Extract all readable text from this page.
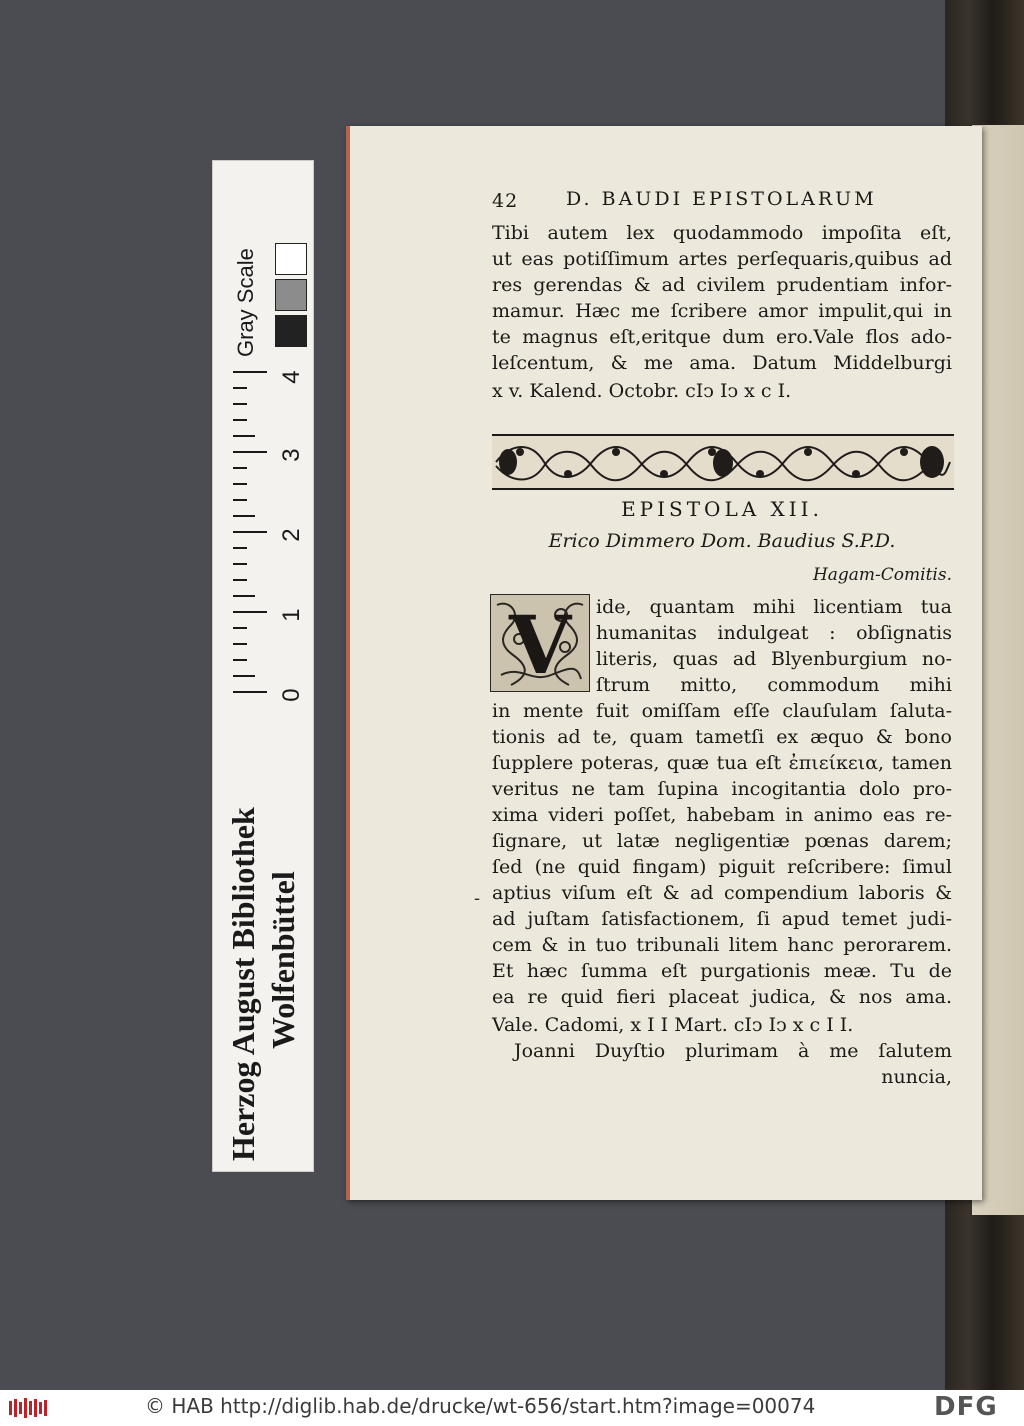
42	D. BAUDI EPISTOLARUM
Tibi autem lex quodammodo impoſita eſt,
ut eas potiſſimum artes perſequaris,quibus ad
res gerendas & ad civilem prudentiam infor-
mamur. Hæc me ſcribere amor impulit,qui in
te magnus eſt,eritque dum ero.Vale flos ado-
leſcentum, & me ama. Datum Middelburgi
x v. Kalend. Octobr. cIↄ Iↄ x c I.
EPISTOLA XII.
Erico Dimmero Dom. Baudius S.P.D.
Hagam-Comitis.
V ide, quantam mihi licentiam tua
humanitas indulgeat : obſignatis
literis, quas ad Blyenburgium no-
ſtrum mitto, commodum mihi
in mente fuit omiſſam eſſe clauſulam ſaluta-
tionis ad te, quam tametſi ex æquo & bono
ſupplere poteras, quæ tua eſt ἐπιείκεια, tamen
veritus ne tam ſupina incogitantia dolo pro-
xima videri poſſet, habebam in animo eas re-
ſignare, ut latæ negligentiæ pœnas darem;
ſed (ne quid fingam) piguit reſcribere: ſimul
aptius viſum eſt & ad compendium laboris &
ad juſtam ſatisfactionem, ſi apud temet judi-
cem & in tuo tribunali litem hanc perorarem.
Et hæc ſumma eſt purgationis meæ. Tu de
ea re quid fieri placeat judica, & nos ama.
Vale. Cadomi, x I I Mart. cIↄ Iↄ x c I I.
Joanni Duyſtio plurimam à me ſalutem
nuncia,
-
Gray Scale
4
3
2
1
0
Herzog August Bibliothek Wolfenbüttel
© HAB http://diglib.hab.de/drucke/wt-656/start.htm?image=00074	DFG
